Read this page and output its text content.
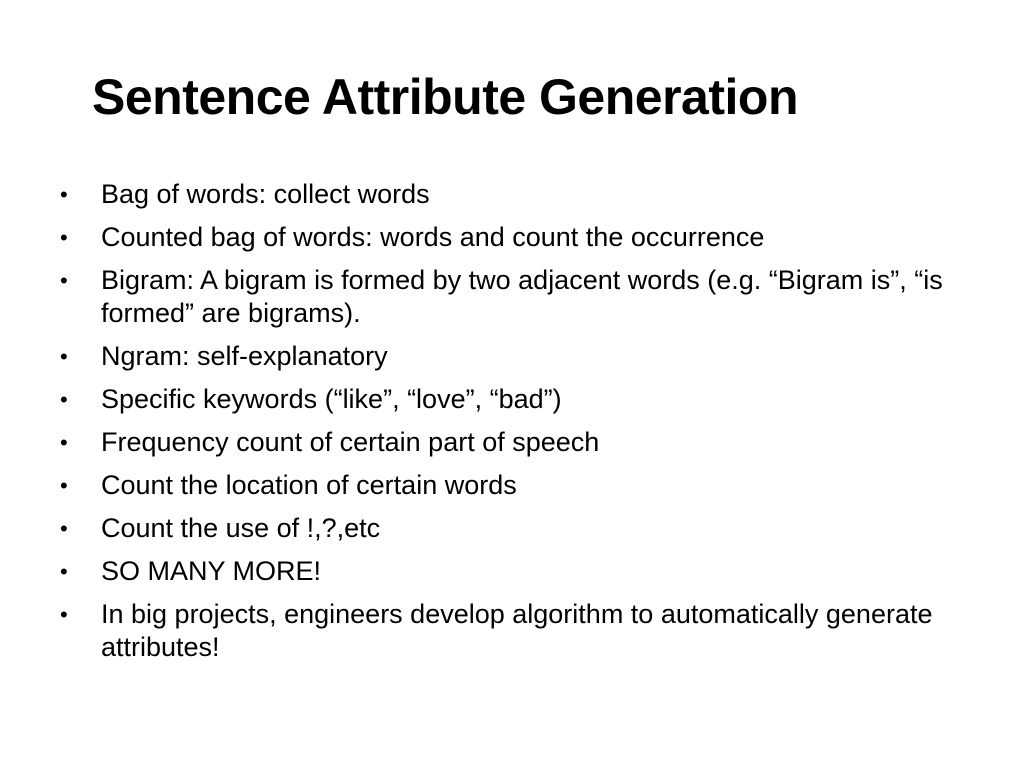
Sentence Attribute Generation
•	Bag of words: collect words
•	Counted bag of words: words and count the occurrence
•	Bigram: A bigram is formed by two adjacent words (e.g. “Bigram is”, “is formed” are bigrams).
•	Ngram: self-explanatory
•	Specific keywords (“like”, “love”, “bad”)
•	Frequency count of certain part of speech
•	Count the location of certain words
•	Count the use of !,?,etc
•	SO MANY MORE!
•	In big projects, engineers develop algorithm to automatically generate attributes!
